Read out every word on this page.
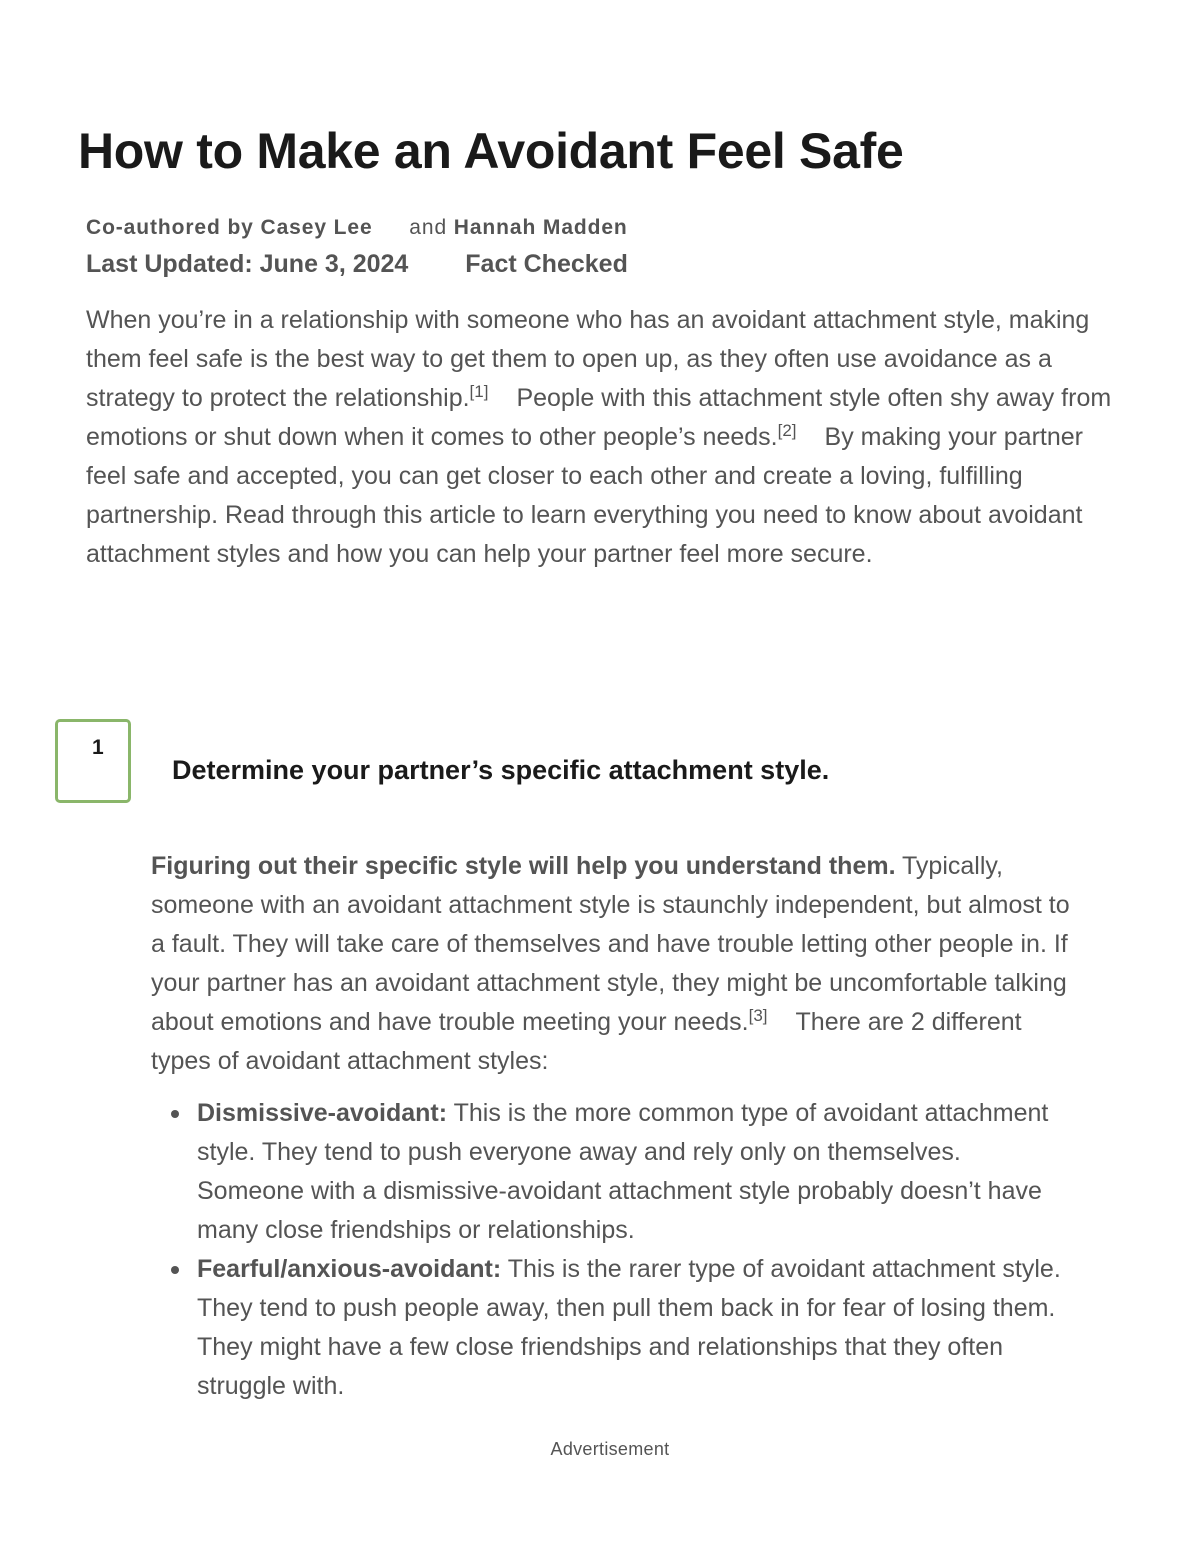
How to Make an Avoidant Feel Safe
Co-authored by Casey Lee and Hannah Madden
Last Updated: June 3, 2024 Fact Checked

When you’re in a relationship with someone who has an avoidant attachment style, making them feel safe is the best way to get them to open up, as they often use avoidance as a strategy to protect the relationship.[1] People with this attachment style often shy away from emotions or shut down when it comes to other people’s needs.[2] By making your partner feel safe and accepted, you can get closer to each other and create a loving, fulfilling partnership. Read through this article to learn everything you need to know about avoidant attachment styles and how you can help your partner feel more secure.

1
Determine your partner’s specific attachment style.

Figuring out their specific style will help you understand them. Typically, someone with an avoidant attachment style is staunchly independent, but almost to a fault. They will take care of themselves and have trouble letting other people in. If your partner has an avoidant attachment style, they might be uncomfortable talking about emotions and have trouble meeting your needs.[3] There are 2 different types of avoidant attachment styles:

Dismissive-avoidant: This is the more common type of avoidant attachment style. They tend to push everyone away and rely only on themselves. Someone with a dismissive-avoidant attachment style probably doesn’t have many close friendships or relationships.
Fearful/anxious-avoidant: This is the rarer type of avoidant attachment style. They tend to push people away, then pull them back in for fear of losing them. They might have a few close friendships and relationships that they often struggle with.
Advertisement
